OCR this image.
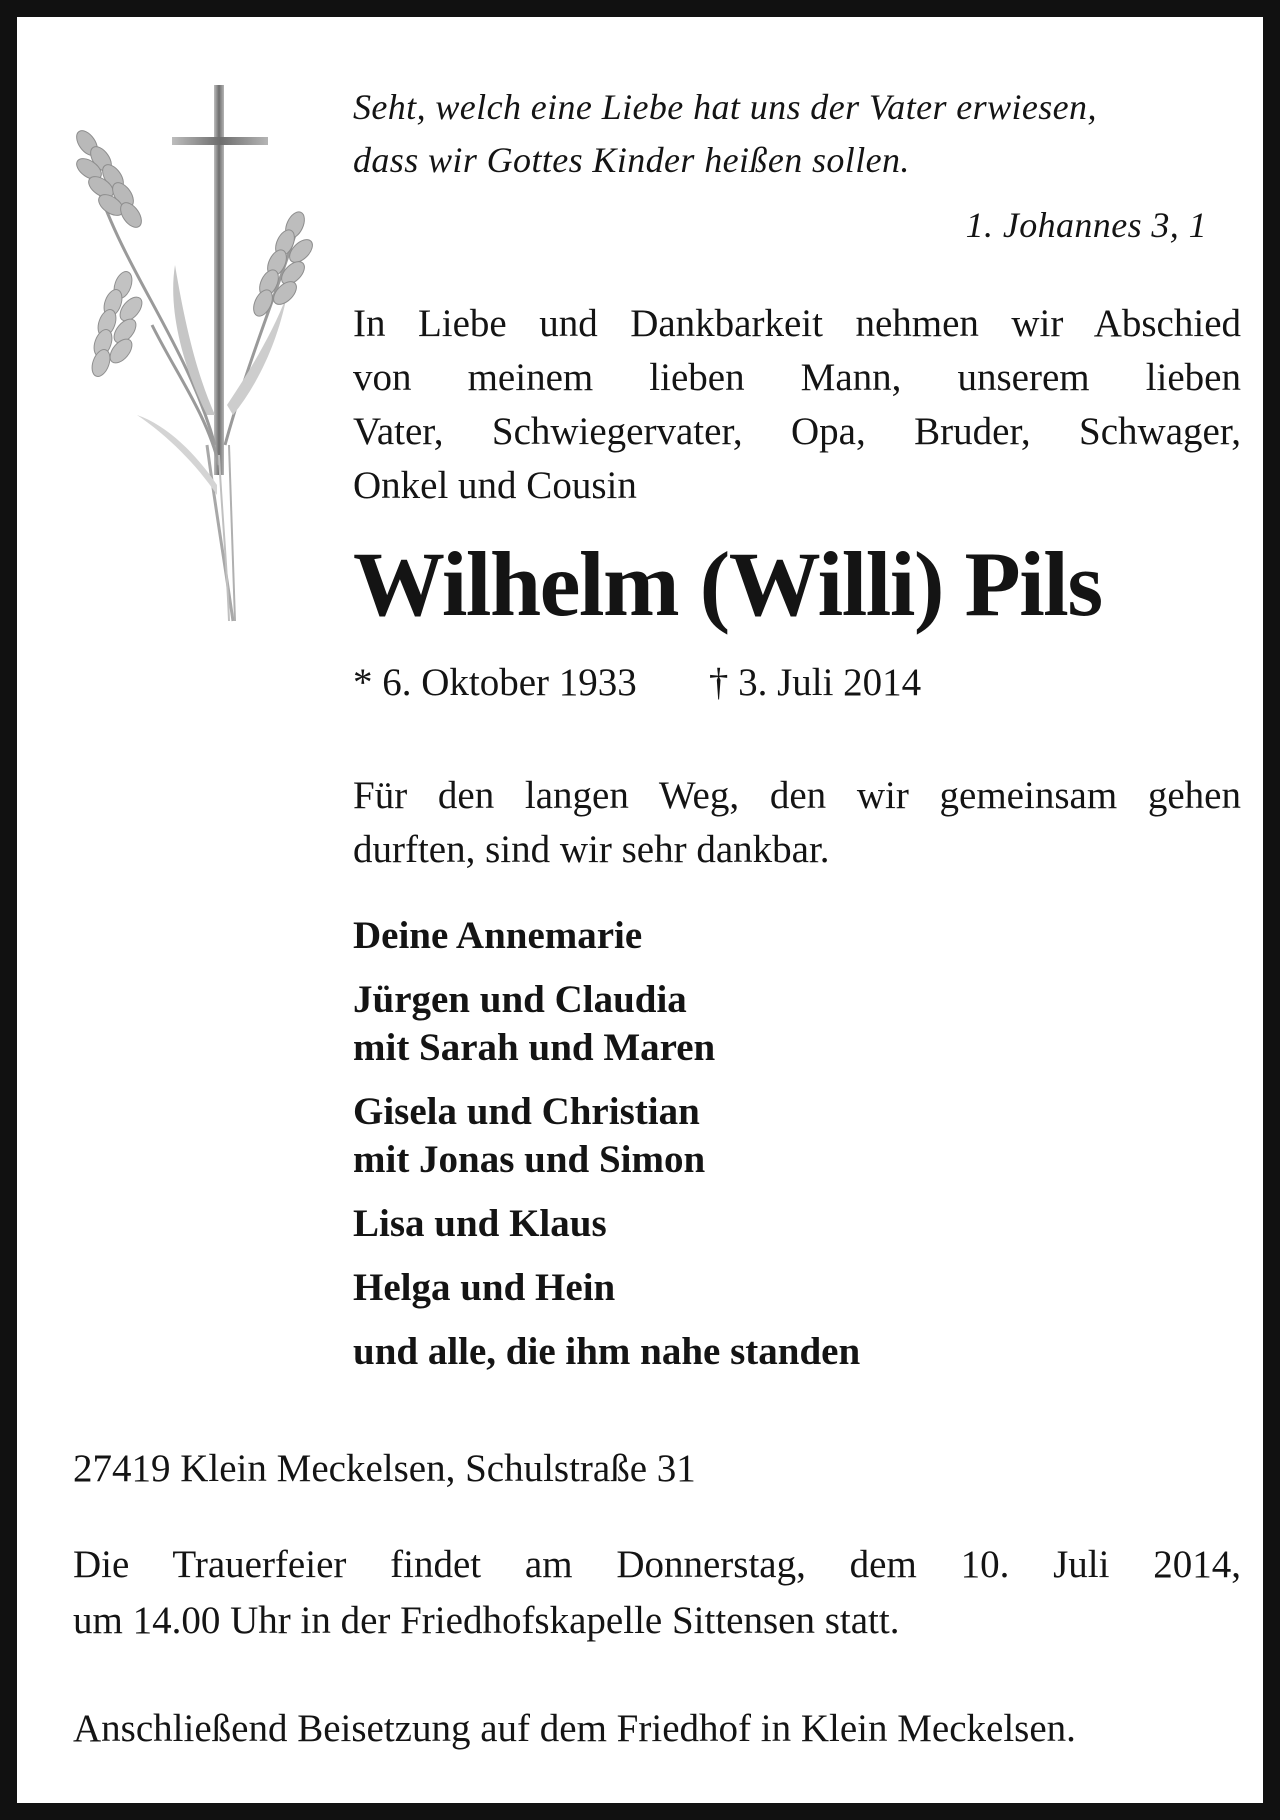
Seht, welch eine Liebe hat uns der Vater erwiesen,
dass wir Gottes Kinder heißen sollen.
1. Johannes 3, 1
In Liebe und Dankbarkeit nehmen wir Abschied
von meinem lieben Mann, unserem lieben
Vater, Schwiegervater, Opa, Bruder, Schwager,
Onkel und Cousin
Wilhelm (Willi) Pils
* 6. Oktober 1933 † 3. Juli 2014
Für den langen Weg, den wir gemeinsam gehen
durften, sind wir sehr dankbar.
Deine Annemarie
Jürgen und Claudia
mit Sarah und Maren
Gisela und Christian
mit Jonas und Simon
Lisa und Klaus
Helga und Hein
und alle, die ihm nahe standen
27419 Klein Meckelsen, Schulstraße 31
Die Trauerfeier findet am Donnerstag, dem 10. Juli 2014,
um 14.00 Uhr in der Friedhofskapelle Sittensen statt.
Anschließend Beisetzung auf dem Friedhof in Klein Meckelsen.
